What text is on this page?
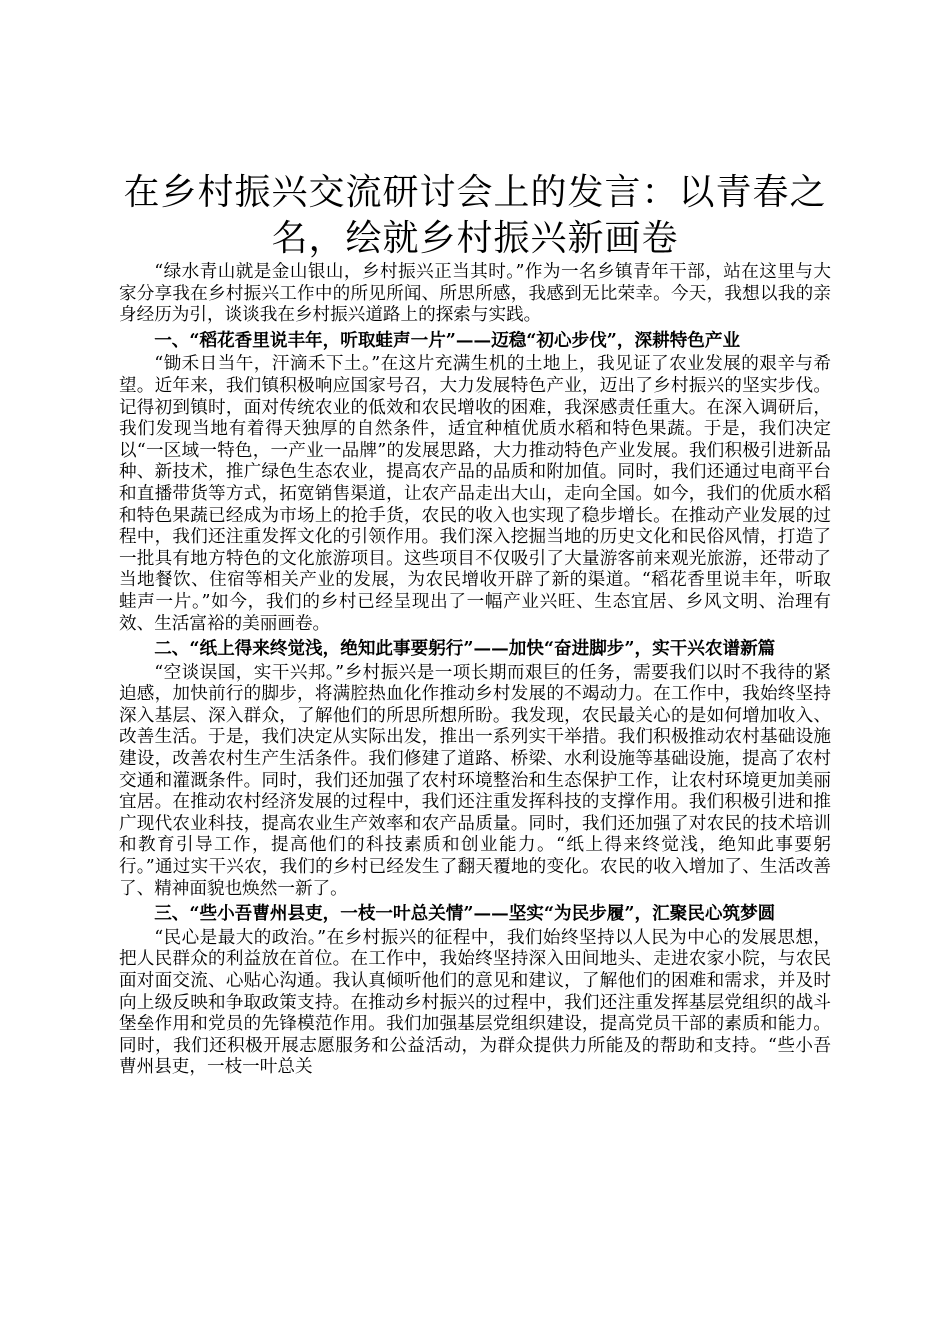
在乡村振兴交流研讨会上的发言：以青春之名，绘就乡村振兴新画卷

“绿水青山就是金山银山，乡村振兴正当其时。”作为一名乡镇青年干部，站在这里与大家分享我在乡村振兴工作中的所见所闻、所思所感，我感到无比荣幸。今天，我想以我的亲身经历为引，谈谈我在乡村振兴道路上的探索与实践。

一、“稻花香里说丰年，听取蛙声一片”——迈稳“初心步伐”，深耕特色产业

“锄禾日当午，汗滴禾下土。”在这片充满生机的土地上，我见证了农业发展的艰辛与希望。近年来，我们镇积极响应国家号召，大力发展特色产业，迈出了乡村振兴的坚实步伐。记得初到镇时，面对传统农业的低效和农民增收的困难，我深感责任重大。在深入调研后，我们发现当地有着得天独厚的自然条件，适宜种植优质水稻和特色果蔬。于是，我们决定以“一区域一特色，一产业一品牌”的发展思路，大力推动特色产业发展。我们积极引进新品种、新技术，推广绿色生态农业，提高农产品的品质和附加值。同时，我们还通过电商平台和直播带货等方式，拓宽销售渠道，让农产品走出大山，走向全国。如今，我们的优质水稻和特色果蔬已经成为市场上的抢手货，农民的收入也实现了稳步增长。在推动产业发展的过程中，我们还注重发挥文化的引领作用。我们深入挖掘当地的历史文化和民俗风情，打造了一批具有地方特色的文化旅游项目。这些项目不仅吸引了大量游客前来观光旅游，还带动了当地餐饮、住宿等相关产业的发展，为农民增收开辟了新的渠道。“稻花香里说丰年，听取蛙声一片。”如今，我们的乡村已经呈现出了一幅产业兴旺、生态宜居、乡风文明、治理有效、生活富裕的美丽画卷。

二、“纸上得来终觉浅，绝知此事要躬行”——加快“奋进脚步”，实干兴农谱新篇

“空谈误国，实干兴邦。”乡村振兴是一项长期而艰巨的任务，需要我们以时不我待的紧迫感，加快前行的脚步，将满腔热血化作推动乡村发展的不竭动力。在工作中，我始终坚持深入基层、深入群众，了解他们的所思所想所盼。我发现，农民最关心的是如何增加收入、改善生活。于是，我们决定从实际出发，推出一系列实干举措。我们积极推动农村基础设施建设，改善农村生产生活条件。我们修建了道路、桥梁、水利设施等基础设施，提高了农村交通和灌溉条件。同时，我们还加强了农村环境整治和生态保护工作，让农村环境更加美丽宜居。在推动农村经济发展的过程中，我们还注重发挥科技的支撑作用。我们积极引进和推广现代农业科技，提高农业生产效率和农产品质量。同时，我们还加强了对农民的技术培训和教育引导工作，提高他们的科技素质和创业能力。“纸上得来终觉浅，绝知此事要躬行。”通过实干兴农，我们的乡村已经发生了翻天覆地的变化。农民的收入增加了、生活改善了、精神面貌也焕然一新了。

三、“些小吾曹州县吏，一枝一叶总关情”——坚实“为民步履”，汇聚民心筑梦圆

“民心是最大的政治。”在乡村振兴的征程中，我们始终坚持以人民为中心的发展思想，把人民群众的利益放在首位。在工作中，我始终坚持深入田间地头、走进农家小院，与农民面对面交流、心贴心沟通。我认真倾听他们的意见和建议，了解他们的困难和需求，并及时向上级反映和争取政策支持。在推动乡村振兴的过程中，我们还注重发挥基层党组织的战斗堡垒作用和党员的先锋模范作用。我们加强基层党组织建设，提高党员干部的素质和能力。同时，我们还积极开展志愿服务和公益活动，为群众提供力所能及的帮助和支持。“些小吾曹州县吏，一枝一叶总关
